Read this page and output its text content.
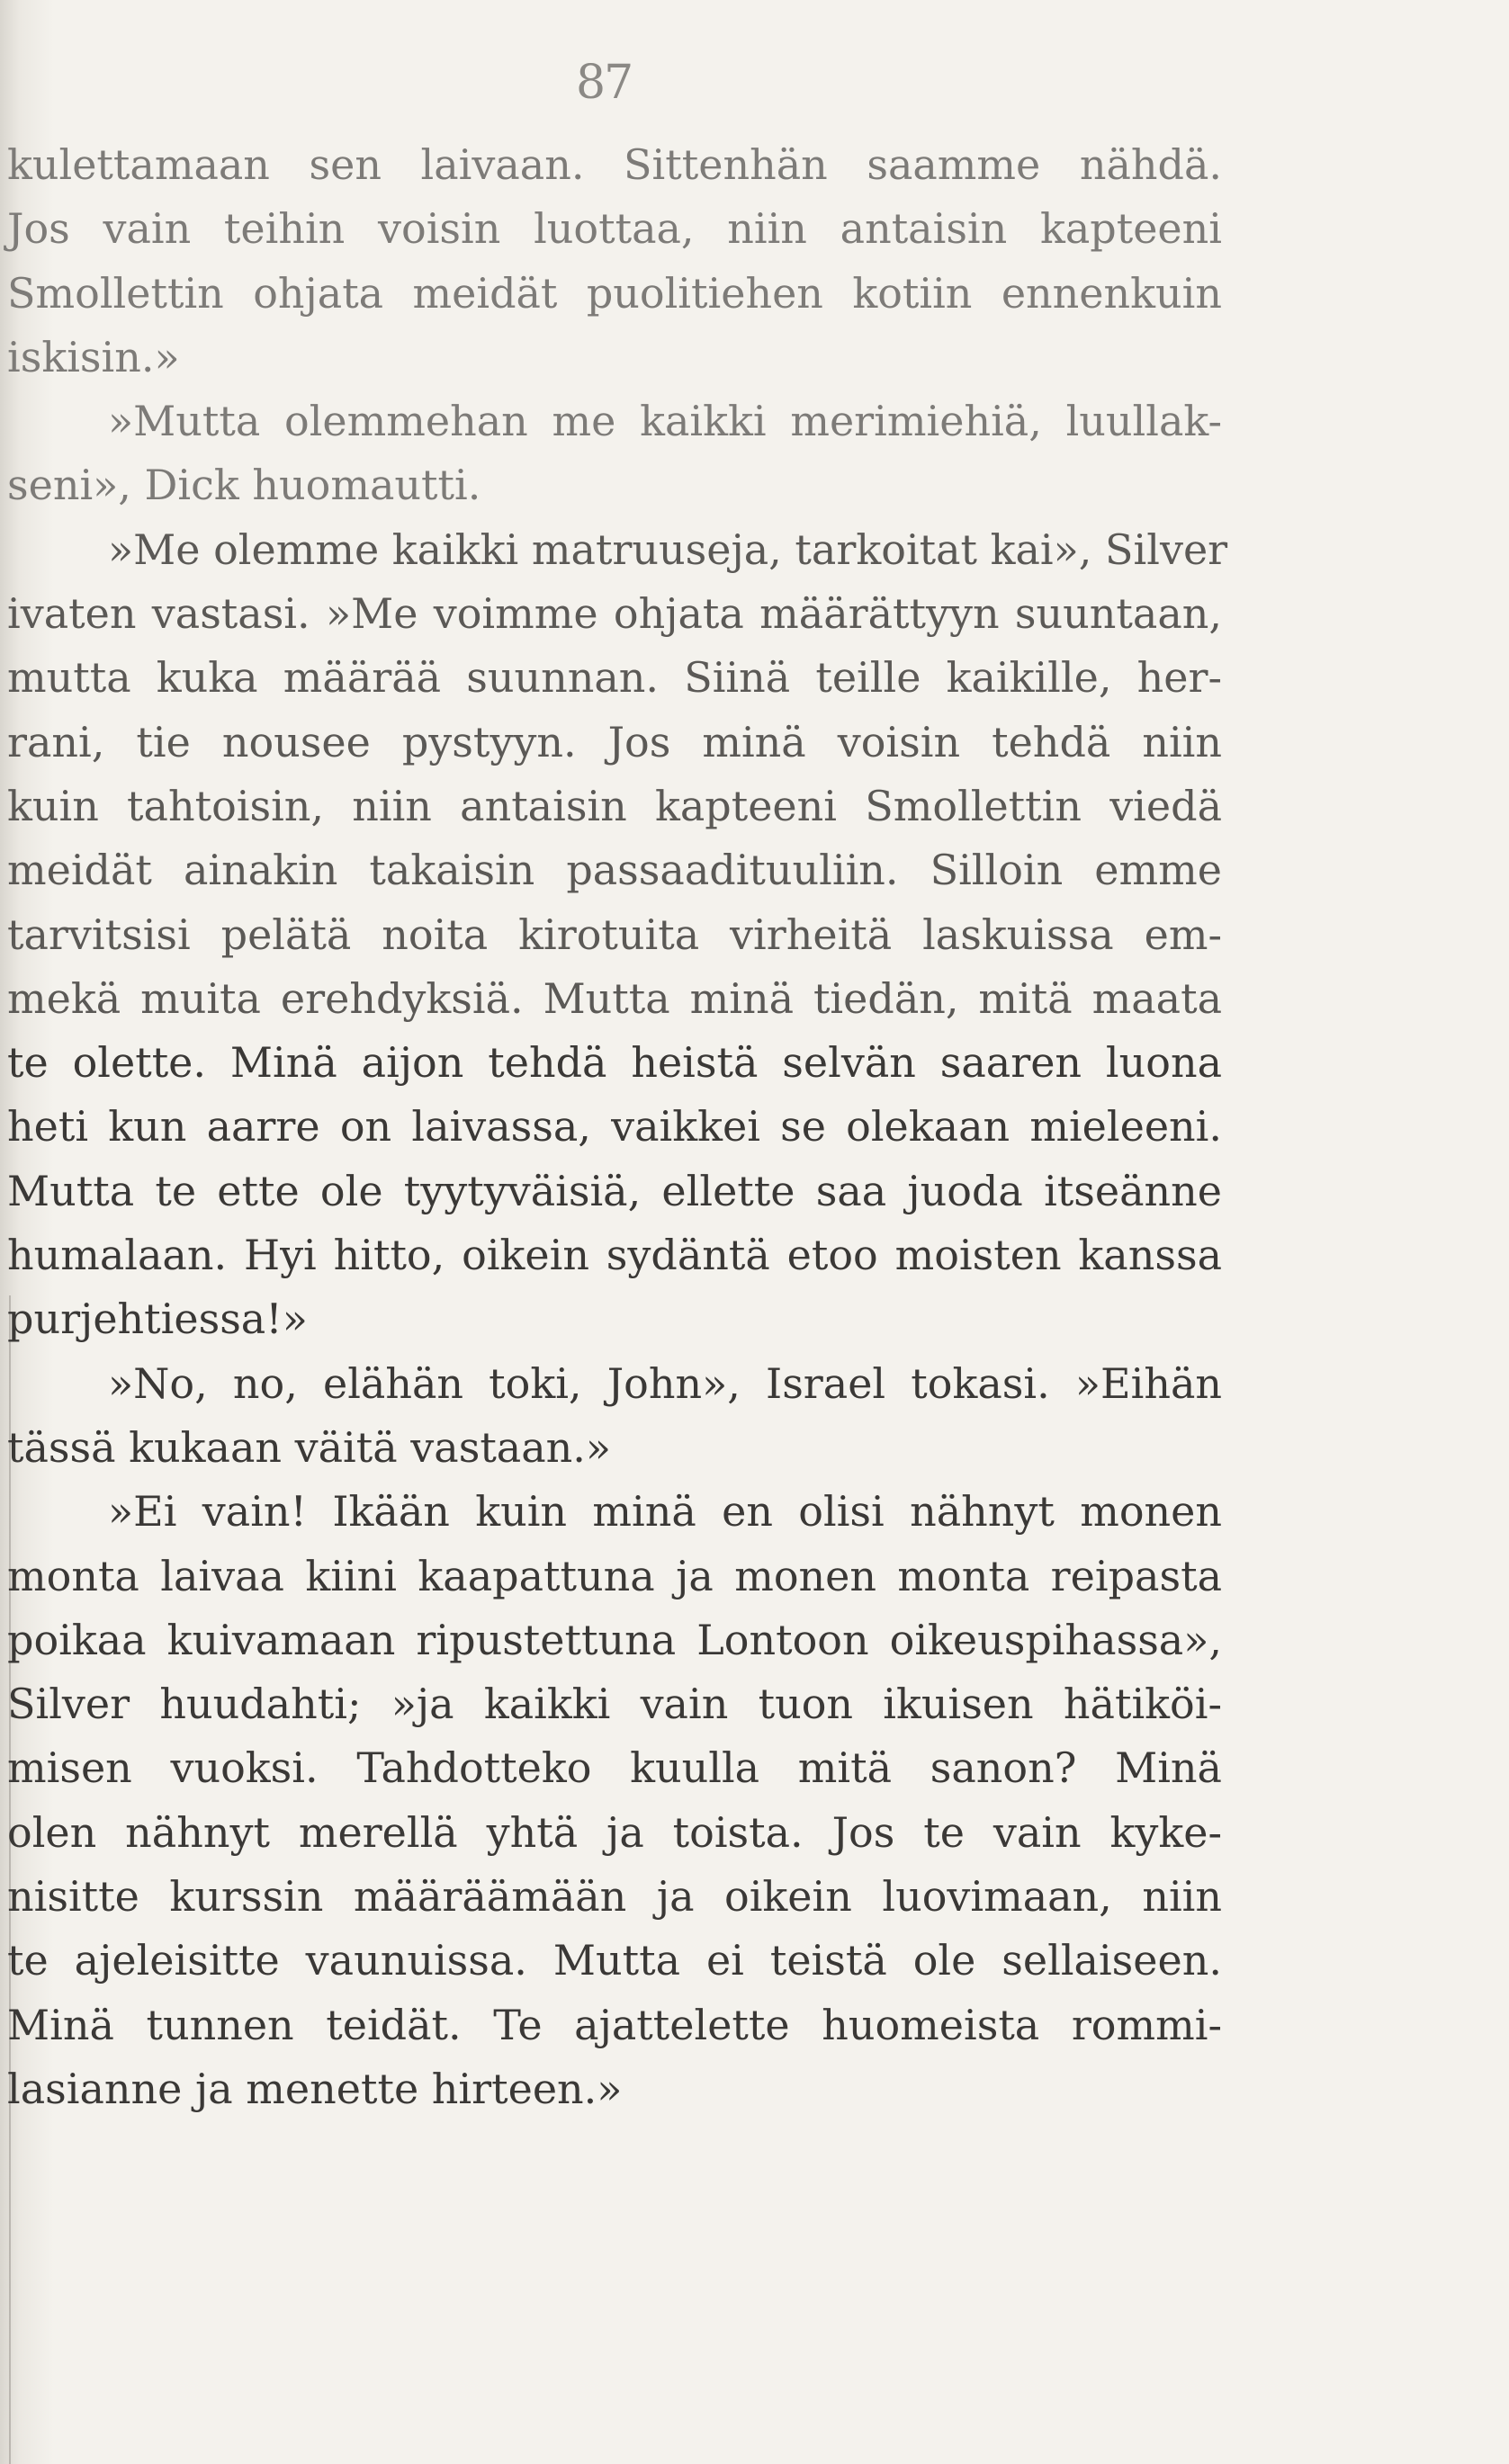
87
kulettamaan sen laivaan. Sittenhän saamme nähdä.
Jos vain teihin voisin luottaa, niin antaisin kapteeni
Smollettin ohjata meidät puolitiehen kotiin ennenkuin
iskisin.»
»Mutta olemmehan me kaikki merimiehiä, luullak-
seni», Dick huomautti.
»Me olemme kaikki matruuseja, tarkoitat kai», Silver
ivaten vastasi. »Me voimme ohjata määrättyyn suuntaan,
mutta kuka määrää suunnan. Siinä teille kaikille, her-
rani, tie nousee pystyyn. Jos minä voisin tehdä niin
kuin tahtoisin, niin antaisin kapteeni Smollettin viedä
meidät ainakin takaisin passaadituuliin. Silloin emme
tarvitsisi pelätä noita kirotuita virheitä laskuissa em-
mekä muita erehdyksiä. Mutta minä tiedän, mitä maata
te olette. Minä aijon tehdä heistä selvän saaren luona
heti kun aarre on laivassa, vaikkei se olekaan mieleeni.
Mutta te ette ole tyytyväisiä, ellette saa juoda itseänne
humalaan. Hyi hitto, oikein sydäntä etoo moisten kanssa
purjehtiessa!»
»No, no, elähän toki, John», Israel tokasi. »Eihän
tässä kukaan väitä vastaan.»
»Ei vain! Ikään kuin minä en olisi nähnyt monen
monta laivaa kiini kaapattuna ja monen monta reipasta
poikaa kuivamaan ripustettuna Lontoon oikeuspihassa»,
Silver huudahti; »ja kaikki vain tuon ikuisen hätiköi-
misen vuoksi. Tahdotteko kuulla mitä sanon? Minä
olen nähnyt merellä yhtä ja toista. Jos te vain kyke-
nisitte kurssin määräämään ja oikein luovimaan, niin
te ajeleisitte vaunuissa. Mutta ei teistä ole sellaiseen.
Minä tunnen teidät. Te ajattelette huomeista rommi-
lasianne ja menette hirteen.»
